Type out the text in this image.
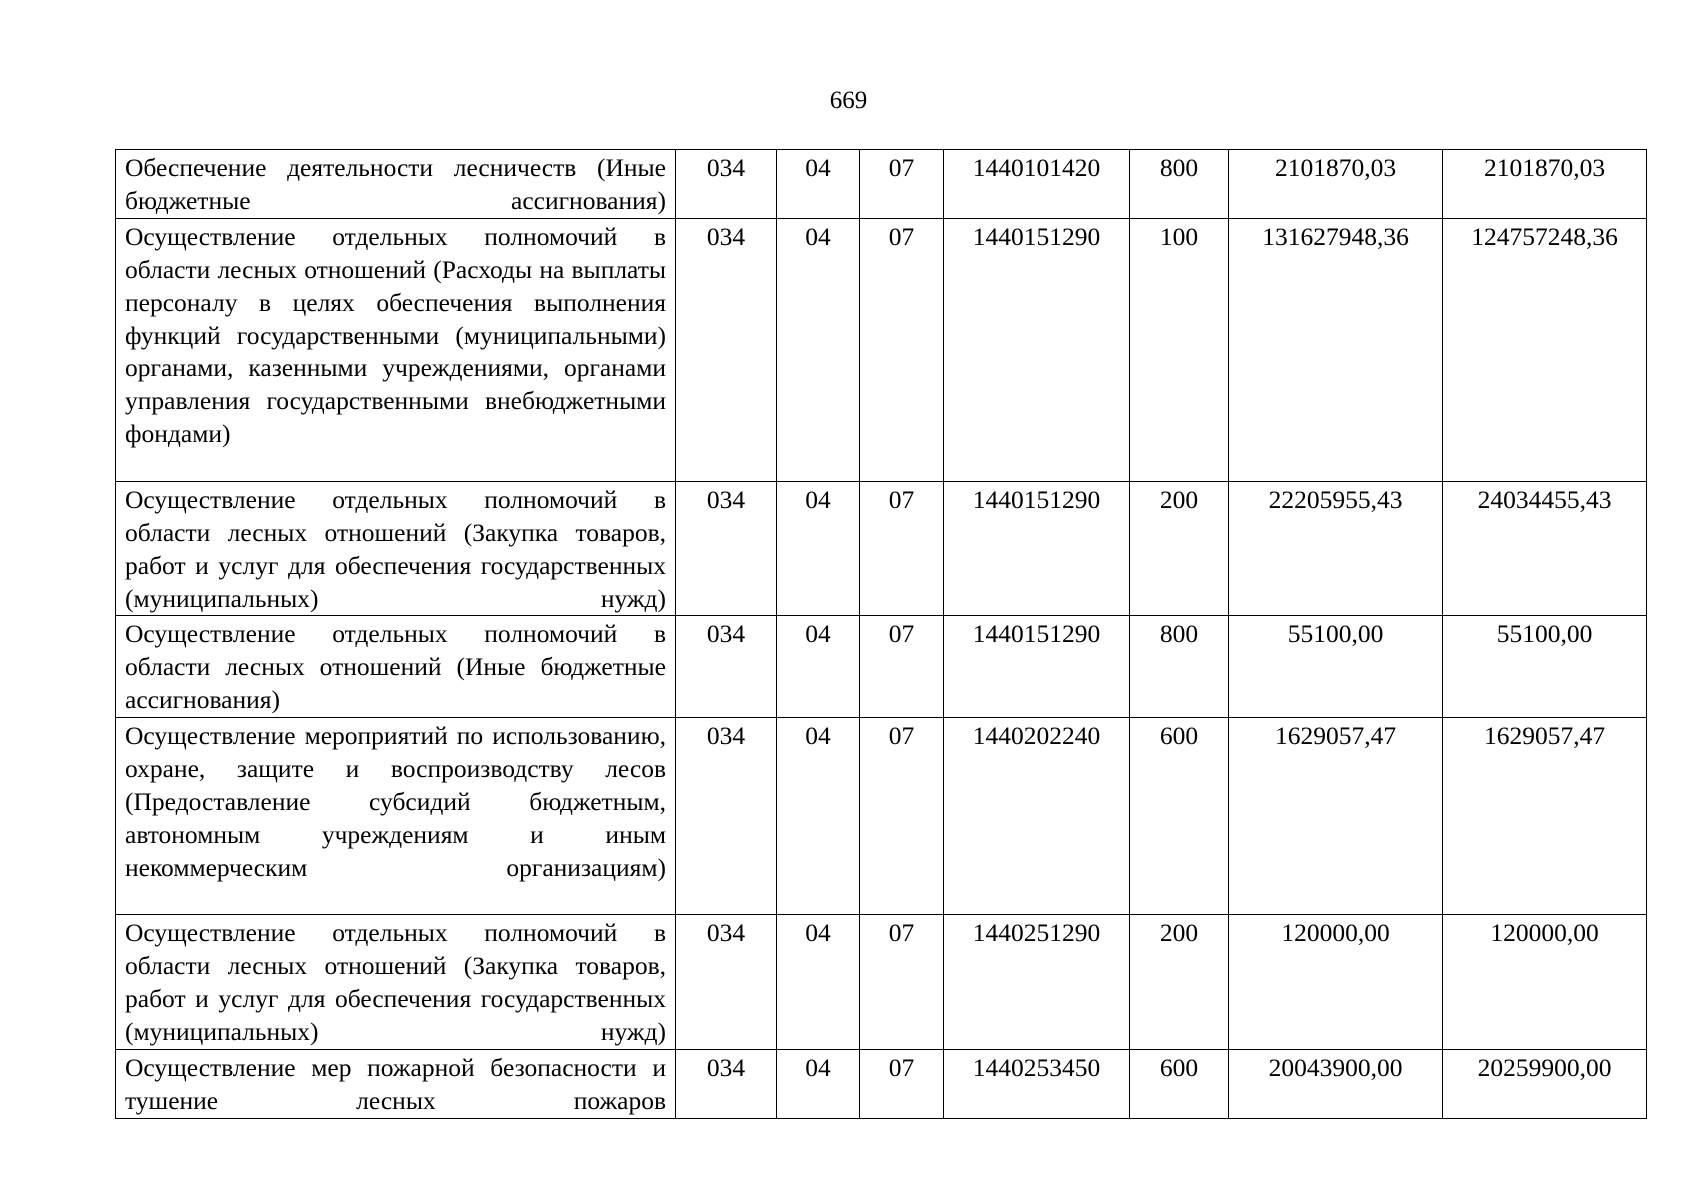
669
Обеспечение деятельности лесничеств (Иные бюджетные ассигнования)	034	04	07	1440101420	800	2101870,03	2101870,03
Осуществление отдельных полномочий в области лесных отношений (Расходы на выплаты персоналу в целях обеспечения выполнения функций государственными (муниципальными) органами, казенными учреждениями, органами управления государственными внебюджетными фондами)	034	04	07	1440151290	100	131627948,36	124757248,36
Осуществление отдельных полномочий в области лесных отношений (Закупка товаров, работ и услуг для обеспечения государственных (муниципальных) нужд)	034	04	07	1440151290	200	22205955,43	24034455,43
Осуществление отдельных полномочий в области лесных отношений (Иные бюджетные ассигнования)	034	04	07	1440151290	800	55100,00	55100,00
Осуществление мероприятий по использованию, охране, защите и воспроизводству лесов (Предоставление субсидий бюджетным, автономным учреждениям и иным некоммерческим организациям)	034	04	07	1440202240	600	1629057,47	1629057,47
Осуществление отдельных полномочий в области лесных отношений (Закупка товаров, работ и услуг для обеспечения государственных (муниципальных) нужд)	034	04	07	1440251290	200	120000,00	120000,00
Осуществление мер пожарной безопасности и тушение лесных пожаров	034	04	07	1440253450	600	20043900,00	20259900,00
